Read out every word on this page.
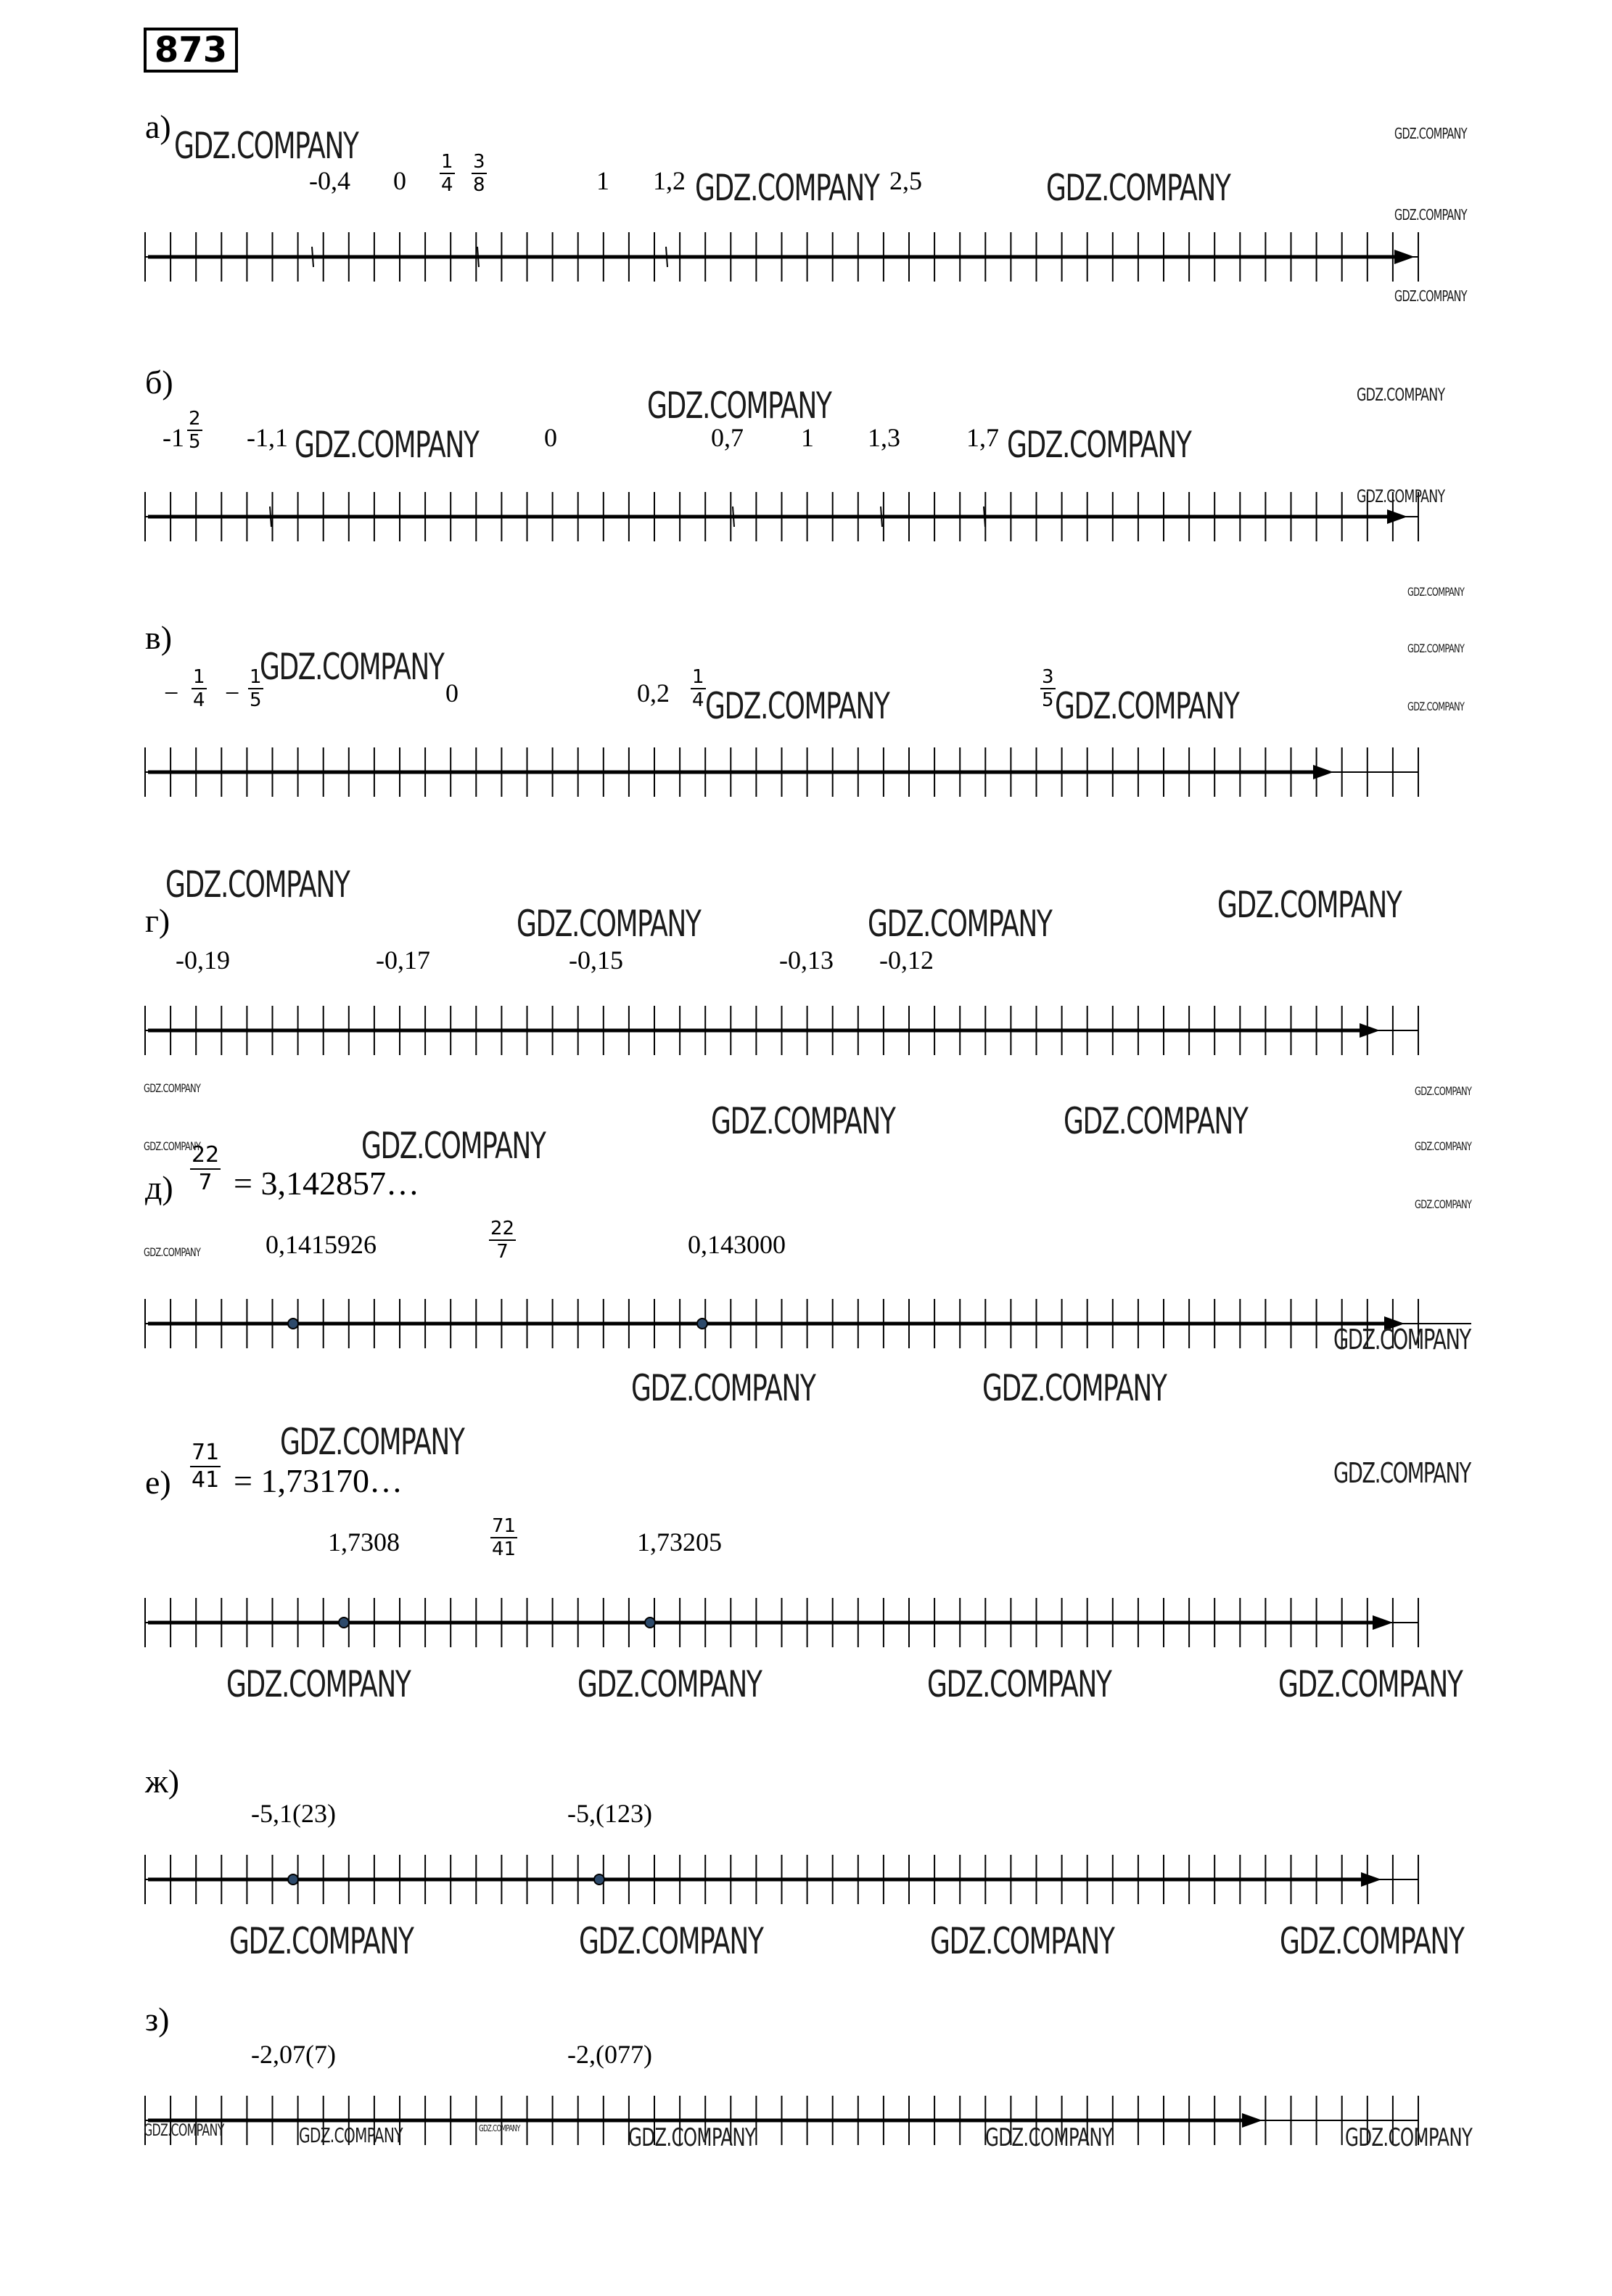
873
а)
-0,4 $0 \frac{1}{4} \frac{3}{8}$	1 1,2	2,5
б)
$-1 \frac{2}{5} -1,1$	0	0,7 1 1,3	1,7
в)
− $\frac{1}{4} - \frac{1}{5}$	0	$0,2 \frac{1}{4}$	$\frac{3}{5}$
г)
-0,19	-0,17	-0,15	-0,13 -0,12
$д) \frac{22}{7}$ = 3,142857…
0,1415926	$\frac{22}{7}$	0,143000
$е) \frac{71}{41}$ = 1,73170…
1,7308	$\frac{71}{41}$	1,73205
ж)
-5,1(23)	-5,(123)
з)
-2,07(7)	-2,(077)
GDZ.COMPANY
GDZ.COMPANY	GDZ.COMPANY
GDZ.COMPANY
GDZ.COMPANY
GDZ.COMPANY
GDZ.COMPANY
GDZ.COMPANY	GDZ.COMPANY
GDZ.COMPANY
GDZ.COMPANY
GDZ.COMPANY
GDZ.COMPANY
GDZ.COMPANY
GDZ.COMPANY
GDZ.COMPANY	GDZ.COMPANY
GDZ.COMPANY
GDZ.COMPANY	GDZ.COMPANY	GDZ.COMPANY
GDZ.COMPANY	GDZ.COMPANY
GDZ.COMPANY	GDZ.COMPANY
GDZ.COMPANY	GDZ.COMPANY
GDZ.COMPANY
GDZ.COMPANY
GDZ.COMPANY
GDZ.COMPANY
GDZ.COMPANY	GDZ.COMPANY
GDZ.COMPANY
GDZ.COMPANY
GDZ.COMPANY	GDZ.COMPANY	GDZ.COMPANY	GDZ.COMPANY
GDZ.COMPANY	GDZ.COMPANY	GDZ.COMPANY	GDZ.COMPANY
GDZ.COMPANY	GDZ.COMPANY	GDZ.COMPANY	GDZ.COMPANY	GDZ.COMPANY	GDZ.COMPANY
